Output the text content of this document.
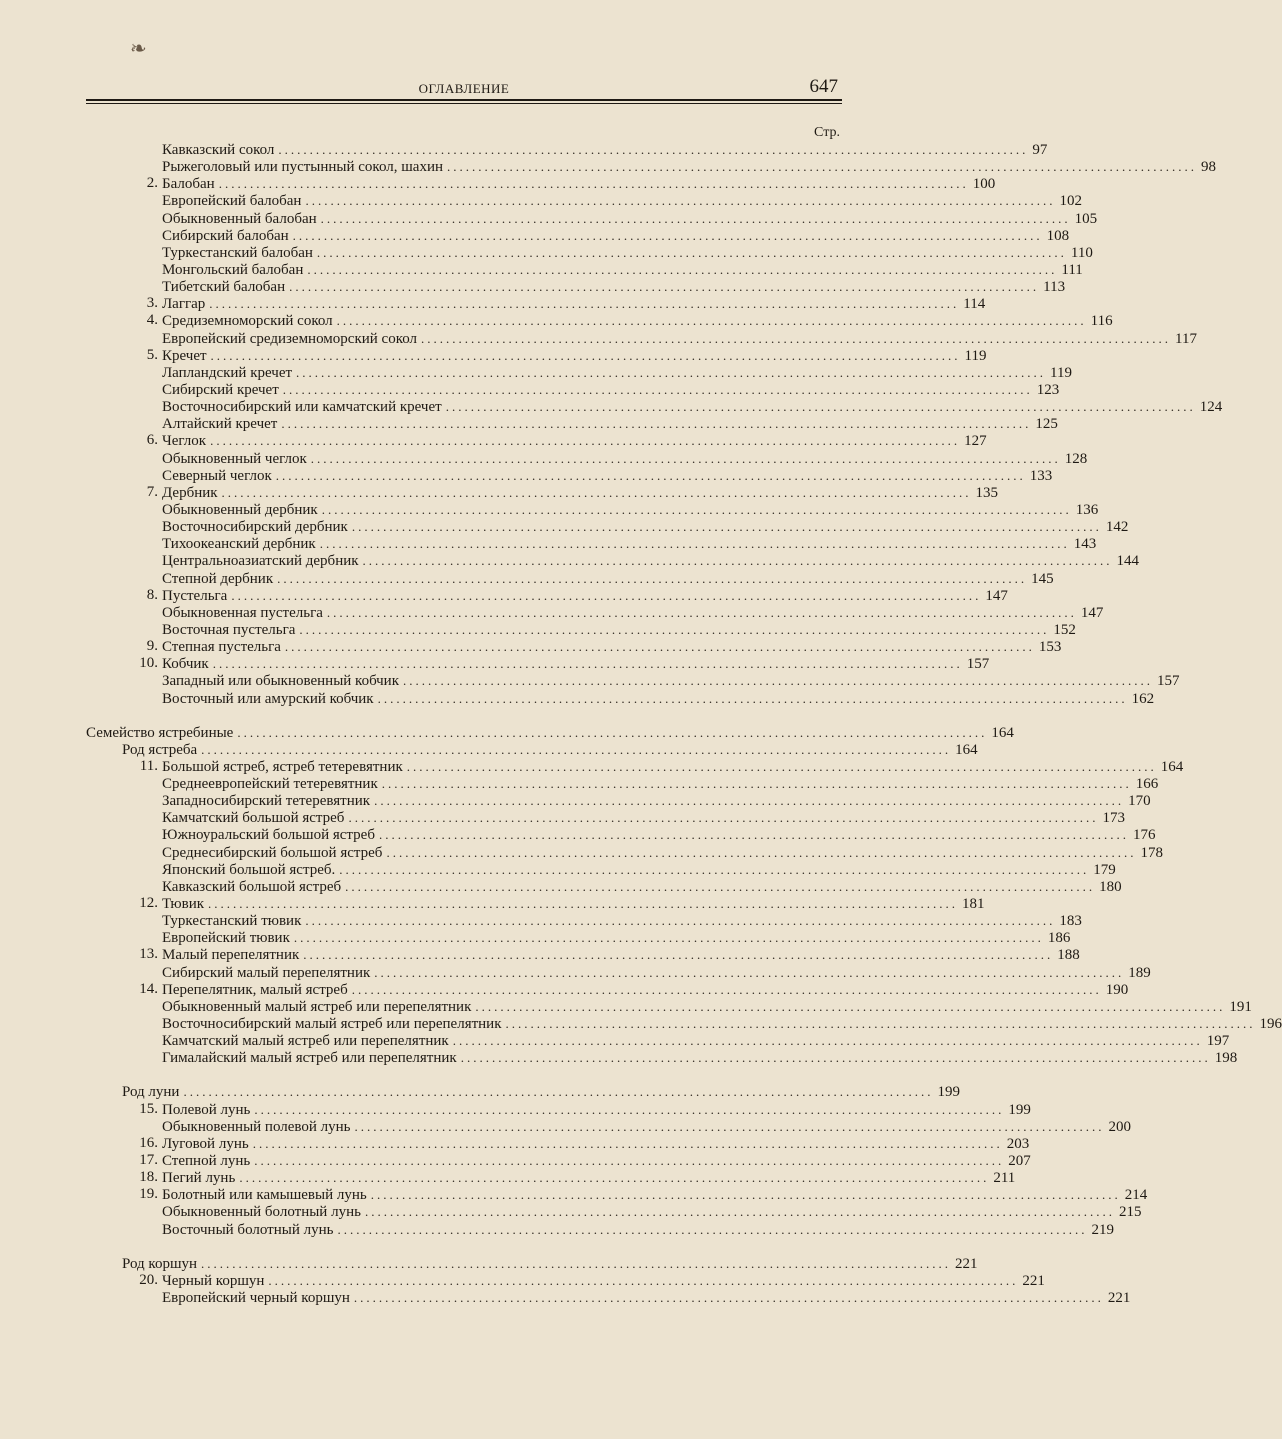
❧
ОГЛАВЛЕНИЕ	647
Стр.
Кавказский сокол ........................................................................................................................ 97
Рыжеголовый или пустынный сокол, шахин ........................................................................................................................ 98
2. Балобан ........................................................................................................................ 100
Европейский балобан ........................................................................................................................ 102
Обыкновенный балобан ........................................................................................................................ 105
Сибирский балобан ........................................................................................................................ 108
Туркестанский балобан ........................................................................................................................ 110
Монгольский балобан ........................................................................................................................ 111
Тибетский балобан ........................................................................................................................ 113
3. Лаггар ........................................................................................................................ 114
4. Средиземноморский сокол ........................................................................................................................ 116
Европейский средиземноморский сокол ........................................................................................................................ 117
5. Кречет ........................................................................................................................ 119
Лапландский кречет ........................................................................................................................ 119
Сибирский кречет ........................................................................................................................ 123
Восточносибирский или камчатский кречет ........................................................................................................................ 124
Алтайский кречет ........................................................................................................................ 125
6. Чеглок ........................................................................................................................ 127
Обыкновенный чеглок ........................................................................................................................ 128
Северный чеглок ........................................................................................................................ 133
7. Дербник ........................................................................................................................ 135
Обыкновенный дербник ........................................................................................................................ 136
Восточносибирский дербник ........................................................................................................................ 142
Тихоокеанский дербник ........................................................................................................................ 143
Центральноазиатский дербник ........................................................................................................................ 144
Степной дербник ........................................................................................................................ 145
8. Пустельга ........................................................................................................................ 147
Обыкновенная пустельга ........................................................................................................................ 147
Восточная пустельга ........................................................................................................................ 152
9. Степная пустельга ........................................................................................................................ 153
10. Кобчик ........................................................................................................................ 157
Западный или обыкновенный кобчик ........................................................................................................................ 157
Восточный или амурский кобчик ........................................................................................................................ 162
Семейство ястребиные ........................................................................................................................ 164
Род ястреба ........................................................................................................................ 164
11. Большой ястреб, ястреб тетеревятник ........................................................................................................................ 164
Среднеевропейский тетеревятник ........................................................................................................................ 166
Западносибирский тетеревятник ........................................................................................................................ 170
Камчатский большой ястреб ........................................................................................................................ 173
Южноуральский большой ястреб ........................................................................................................................ 176
Среднесибирский большой ястреб ........................................................................................................................ 178
Японский большой ястреб. ........................................................................................................................ 179
Кавказский большой ястреб ........................................................................................................................ 180
12. Тювик ........................................................................................................................ 181
Туркестанский тювик ........................................................................................................................ 183
Европейский тювик ........................................................................................................................ 186
13. Малый перепелятник ........................................................................................................................ 188
Сибирский малый перепелятник ........................................................................................................................ 189
14. Перепелятник, малый ястреб ........................................................................................................................ 190
Обыкновенный малый ястреб или перепелятник ........................................................................................................................ 191
Восточносибирский малый ястреб или перепелятник ........................................................................................................................ 196
Камчатский малый ястреб или перепелятник ........................................................................................................................ 197
Гималайский малый ястреб или перепелятник ........................................................................................................................ 198
Род луни ........................................................................................................................ 199
15. Полевой лунь ........................................................................................................................ 199
Обыкновенный полевой лунь ........................................................................................................................ 200
16. Луговой лунь ........................................................................................................................ 203
17. Степной лунь ........................................................................................................................ 207
18. Пегий лунь ........................................................................................................................ 211
19. Болотный или камышевый лунь ........................................................................................................................ 214
Обыкновенный болотный лунь ........................................................................................................................ 215
Восточный болотный лунь ........................................................................................................................ 219
Род коршун ........................................................................................................................ 221
20. Черный коршун ........................................................................................................................ 221
Европейский черный коршун ........................................................................................................................ 221
